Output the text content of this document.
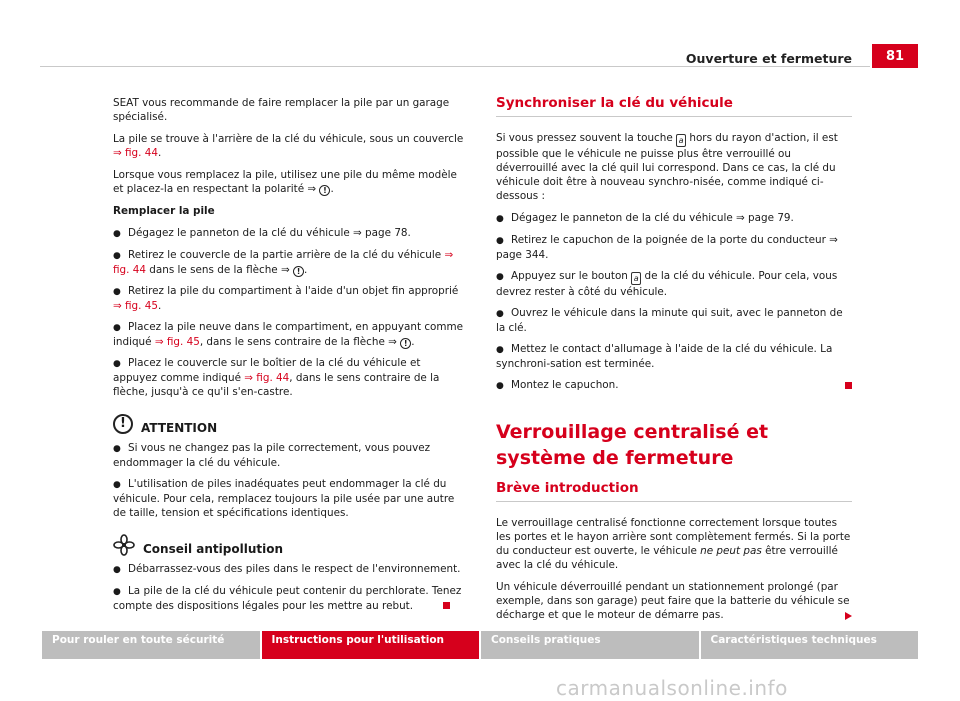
Ouverture et fermeture	81

SEAT vous recommande de faire remplacer la pile par un garage spécialisé.

La pile se trouve à l'arrière de la clé du véhicule, sous un couvercle
⇒ fig. 44.

Lorsque vous remplacez la pile, utilisez une pile du même modèle et placez-la en respectant la polarité ⇒ ! .

Remplacer la pile

● Dégagez le panneton de la clé du véhicule ⇒ page 78.
● Retirez le couvercle de la partie arrière de la clé du véhicule ⇒ fig. 44 dans le sens de la flèche ⇒ ! .
● Retirez la pile du compartiment à l'aide d'un objet fin approprié ⇒ fig. 45.
● Placez la pile neuve dans le compartiment, en appuyant comme indiqué ⇒ fig. 45, dans le sens contraire de la flèche ⇒ ! .
● Placez le couvercle sur le boîtier de la clé du véhicule et appuyez comme indiqué ⇒ fig. 44, dans le sens contraire de la flèche, jusqu'à ce qu'il s'en-castre.
!	ATTENTION
● Si vous ne changez pas la pile correctement, vous pouvez endommager la clé du véhicule.
● L'utilisation de piles inadéquates peut endommager la clé du véhicule. Pour cela, remplacez toujours la pile usée par une autre de taille, tension et spécifications identiques.
Conseil antipollution
● Débarrassez-vous des piles dans le respect de l'environnement.
● La pile de la clé du véhicule peut contenir du perchlorate. Tenez compte des dispositions légales pour les mettre au rebut.
Synchroniser la clé du véhicule

Si vous pressez souvent la touche a hors du rayon d'action, il est possible que le véhicule ne puisse plus être verrouillé ou déverrouillé avec la clé quil lui correspond. Dans ce cas, la clé du véhicule doit être à nouveau synchro-nisée, comme indiqué ci-dessous :

● Dégagez le panneton de la clé du véhicule ⇒ page 79.
● Retirez le capuchon de la poignée de la porte du conducteur ⇒ page 344.
● Appuyez sur le bouton a de la clé du véhicule. Pour cela, vous devrez rester à côté du véhicule.
● Ouvrez le véhicule dans la minute qui suit, avec le panneton de la clé.
● Mettez le contact d'allumage à l'aide de la clé du véhicule. La synchroni-sation est terminée.
● Montez le capuchon.
Verrouillage centralisé et système de fermeture
Brève introduction

Le verrouillage centralisé fonctionne correctement lorsque toutes les portes et le hayon arrière sont complètement fermés. Si la porte du conducteur est ouverte, le véhicule ne peut pas être verrouillé avec la clé du véhicule.

Un véhicule déverrouillé pendant un stationnement prolongé (par exemple, dans son garage) peut faire que la batterie du véhicule se décharge et que le moteur de démarre pas.

Pour rouler en toute sécurité	Instructions pour l'utilisation	Conseils pratiques	Caractéristiques techniques
carmanualsonline.info
